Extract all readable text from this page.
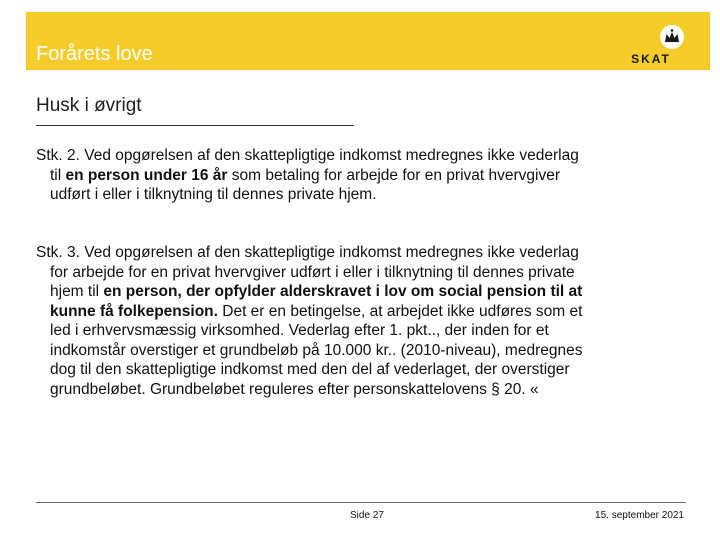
Forårets love	SKAT
Husk i øvrigt
Stk. 2. Ved opgørelsen af den skattepligtige indkomst medregnes ikke vederlag
til en person under 16 år som betaling for arbejde for en privat hvervgiver
udført i eller i tilknytning til dennes private hjem.
Stk. 3. Ved opgørelsen af den skattepligtige indkomst medregnes ikke vederlag
for arbejde for en privat hvervgiver udført i eller i tilknytning til dennes private
hjem til en person, der opfylder alderskravet i lov om social pension til at
kunne få folkepension. Det er en betingelse, at arbejdet ikke udføres som et
led i erhvervsmæssig virksomhed. Vederlag efter 1. pkt.., der inden for et
indkomstår overstiger et grundbeløb på 10.000 kr.. (2010-niveau), medregnes
dog til den skattepligtige indkomst med den del af vederlaget, der overstiger
grundbeløbet. Grundbeløbet reguleres efter personskattelovens § 20. «
Side 27	15. september 2021
